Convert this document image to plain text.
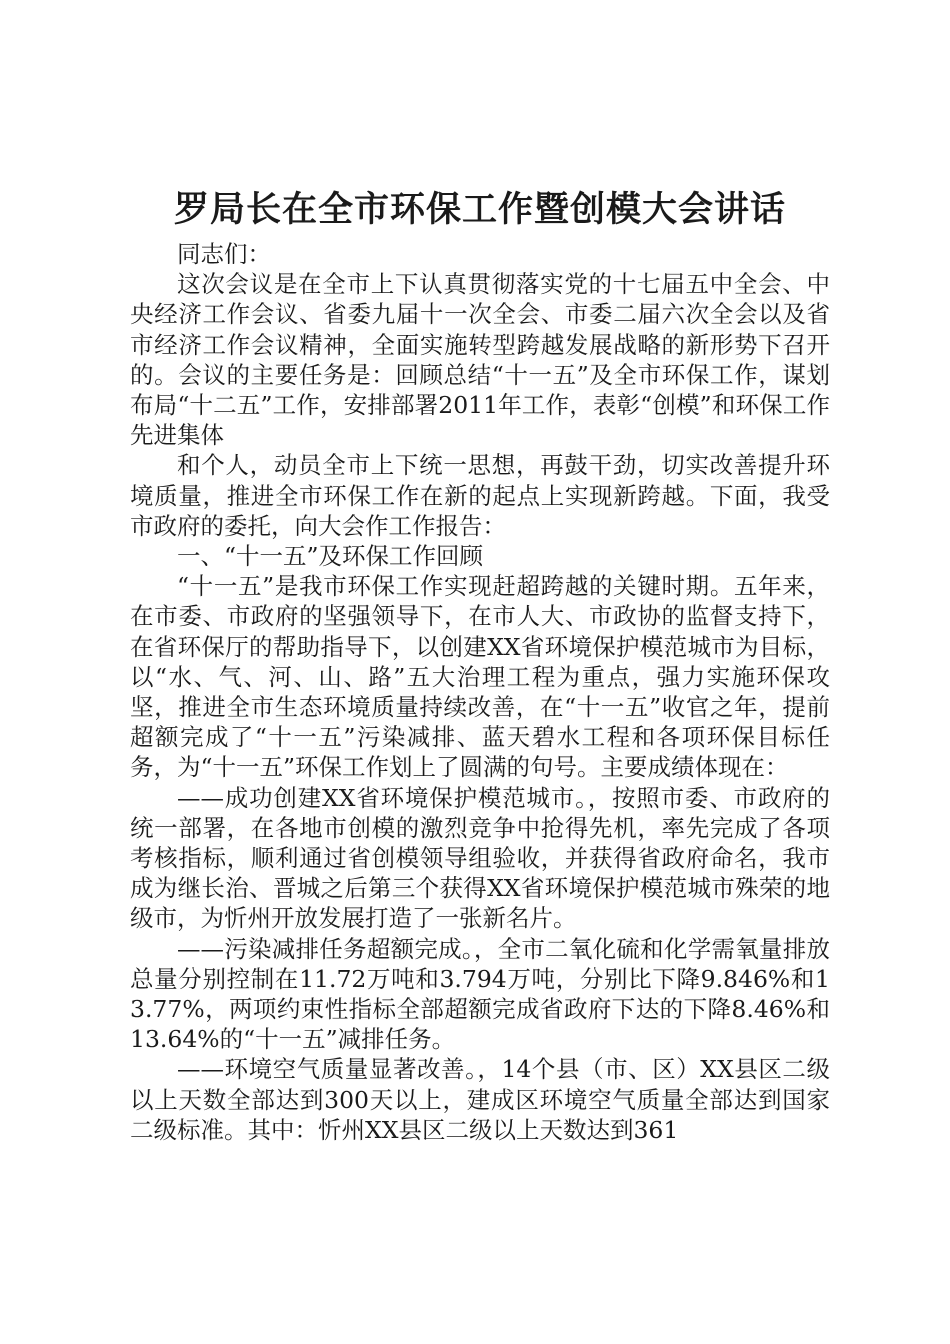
罗局长在全市环保工作暨创模大会讲话

同志们：

这次会议是在全市上下认真贯彻落实党的十七届五中全会、中央经济工作会议、省委九届十一次全会、市委二届六次全会以及省市经济工作会议精神，全面实施转型跨越发展战略的新形势下召开的。会议的主要任务是：回顾总结“十一五”及全市环保工作，谋划布局“十二五”工作，安排部署2011年工作，表彰“创模”和环保工作先进集体

和个人，动员全市上下统一思想，再鼓干劲，切实改善提升环境质量，推进全市环保工作在新的起点上实现新跨越。下面，我受市政府的委托，向大会作工作报告：

一、“十一五”及环保工作回顾

“十一五”是我市环保工作实现赶超跨越的关键时期。五年来，在市委、市政府的坚强领导下，在市人大、市政协的监督支持下，在省环保厅的帮助指导下，以创建XX省环境保护模范城市为目标，以“水、气、河、山、路”五大治理工程为重点，强力实施环保攻坚，推进全市生态环境质量持续改善，在“十一五”收官之年，提前超额完成了“十一五”污染减排、蓝天碧水工程和各项环保目标任务，为“十一五”环保工作划上了圆满的句号。主要成绩体现在：

——成功创建XX省环境保护模范城市。，按照市委、市政府的统一部署，在各地市创模的激烈竞争中抢得先机，率先完成了各项考核指标，顺利通过省创模领导组验收，并获得省政府命名，我市成为继长治、晋城之后第三个获得XX省环境保护模范城市殊荣的地级市，为忻州开放发展打造了一张新名片。

——污染减排任务超额完成。，全市二氧化硫和化学需氧量排放总量分别控制在11.72万吨和3.794万吨，分别比下降9.846%和13.77%，两项约束性指标全部超额完成省政府下达的下降8.46%和13.64%的“十一五”减排任务。

——环境空气质量显著改善。，14个县（市、区）XX县区二级以上天数全部达到300天以上，建成区环境空气质量全部达到国家二级标准。其中：忻州XX县区二级以上天数达到361
